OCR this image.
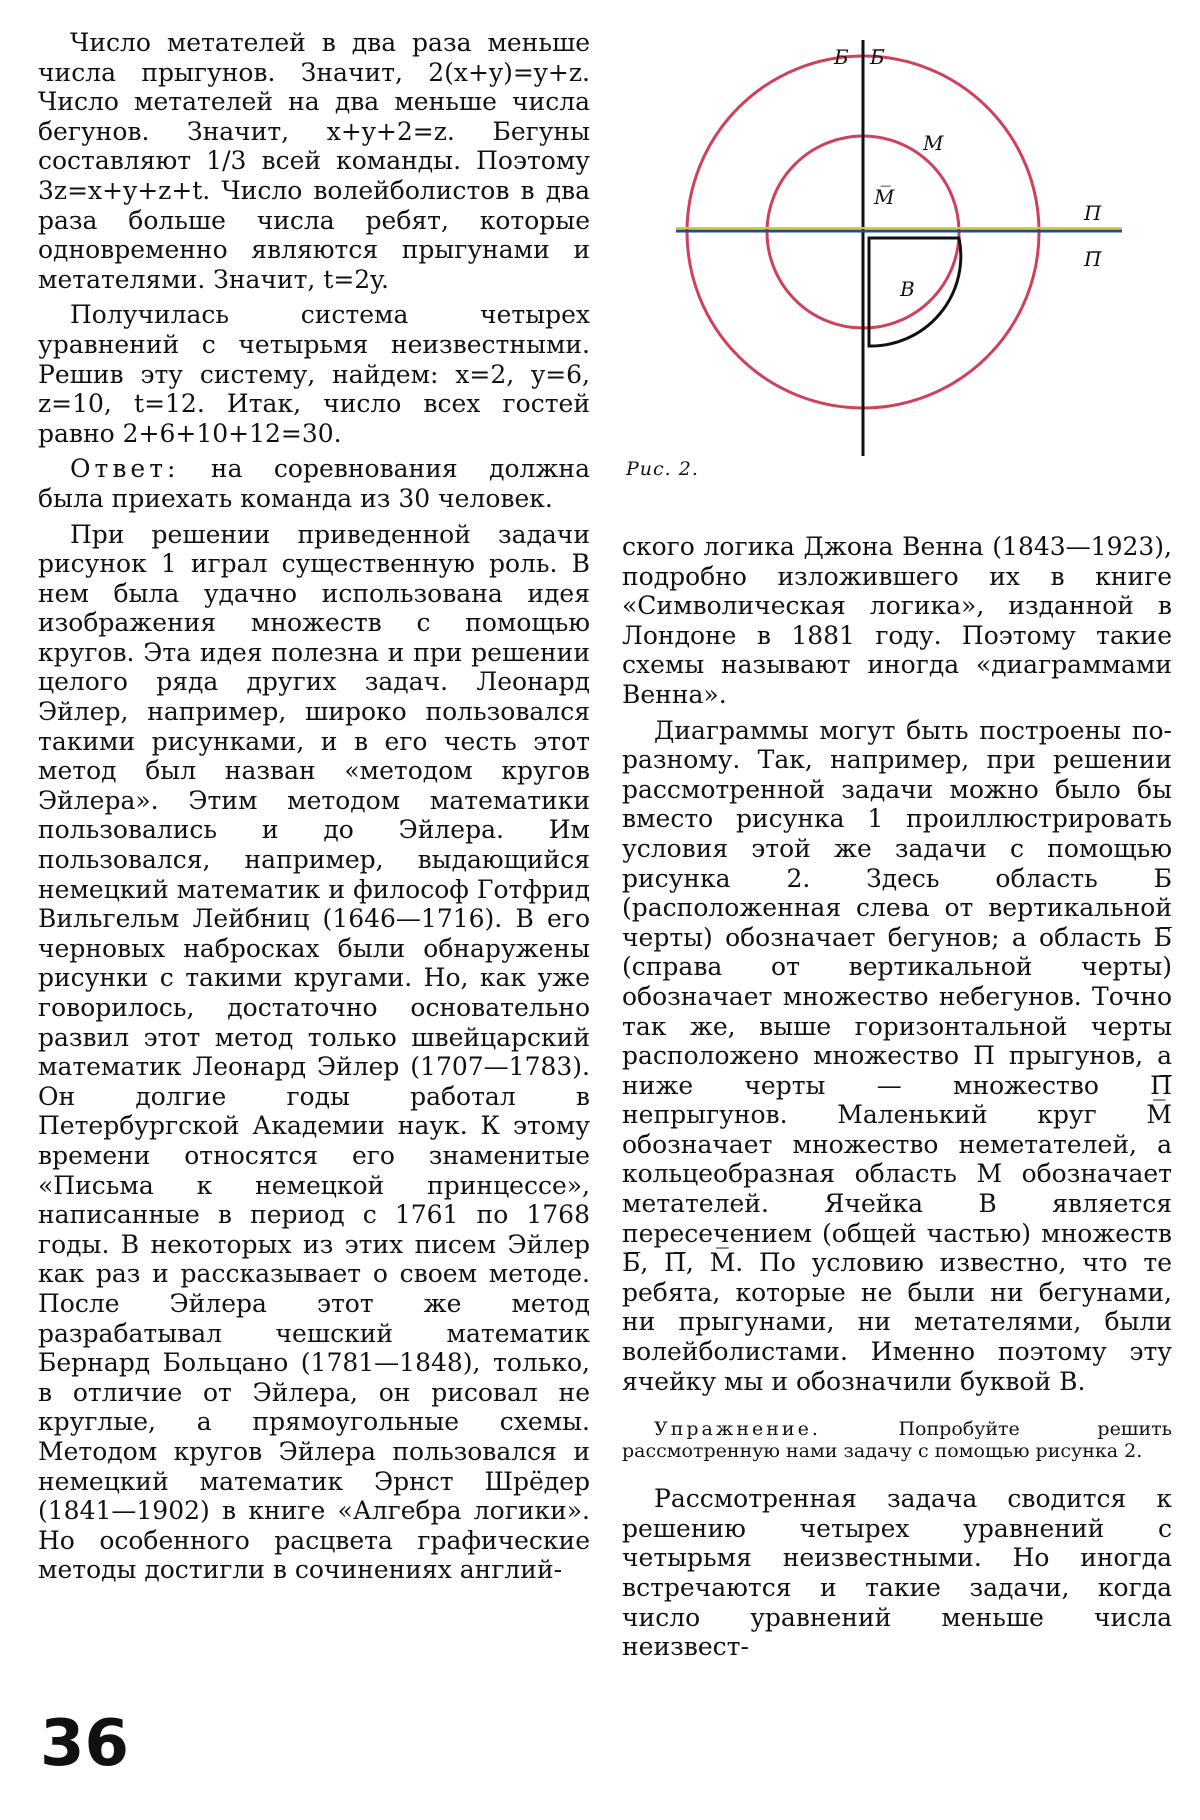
Число метателей в два раза меньше числа прыгунов. Значит, 2(x+y)=y+z. Число метателей на два меньше числа бегунов. Значит, x+y+2=z. Бегуны составляют 1/3 всей команды. Поэтому 3z=x+y+z+t. Число волейболистов в два раза больше числа ребят, которые одновременно являются прыгунами и метателями. Значит, t=2y.

Получилась система четырех уравнений с четырьмя неизвестными. Решив эту систему, найдем: x=2, y=6, z=10, t=12. Итак, число всех гостей равно 2+6+10+12=30.

Ответ: на соревнования должна была приехать команда из 30 человек.

При решении приведенной задачи рисунок 1 играл существенную роль. В нем была удачно использована идея изображения множеств с помощью кругов. Эта идея полезна и при решении целого ряда других задач. Леонард Эйлер, например, широко пользовался такими рисунками, и в его честь этот метод был назван «методом кругов Эйлера». Этим методом математики пользовались и до Эйлера. Им пользовался, например, выдающийся немецкий математик и философ Готфрид Вильгельм Лейбниц (1646—1716). В его черновых набросках были обнаружены рисунки с такими кругами. Но, как уже говорилось, достаточно основательно развил этот метод только швейцарский математик Леонард Эйлер (1707—1783). Он долгие годы работал в Петербургской Академии наук. К этому времени относятся его знаменитые «Письма к немецкой принцессе», написанные в период с 1761 по 1768 годы. В некоторых из этих писем Эйлер как раз и рассказывает о своем методе. После Эйлера этот же метод разрабатывал чешский математик Бернард Больцано (1781—1848), только, в отличие от Эйлера, он рисовал не круглые, а прямоугольные схемы. Методом кругов Эйлера пользовался и немецкий математик Эрнст Шрёдер (1841—1902) в книге «Алгебра логики». Но особенного расцвета графические методы достигли в сочинениях англий-

Б Б̅
M
M̅
П
П̅
В
Рис. 2.

ского логика Джона Венна (1843—1923), подробно изложившего их в книге «Символическая логика», изданной в Лондоне в 1881 году. Поэтому такие схемы называют иногда «диаграммами Венна».

Диаграммы могут быть построены по-разному. Так, например, при решении рассмотренной задачи можно было бы вместо рисунка 1 проиллюстрировать условия этой же задачи с помощью рисунка 2. Здесь область Б (расположенная слева от вертикальной черты) обозначает бегунов; а область Б̅ (справа от вертикальной черты) обозначает множество небегунов. Точно так же, выше горизонтальной черты расположено множество П прыгунов, а ниже черты — множество П̅ непрыгунов. Маленький круг M̅ обозначает множество неметателей, а кольцеобразная область M обозначает метателей. Ячейка В является пересечением (общей частью) множеств Б̅, П̅, M̅. По условию известно, что те ребята, которые не были ни бегунами, ни прыгунами, ни метателями, были волейболистами. Именно поэтому эту ячейку мы и обозначили буквой В.

Упражнение. Попробуйте решить рассмотренную нами задачу с помощью рисунка 2.

Рассмотренная задача сводится к решению четырех уравнений с четырьмя неизвестными. Но иногда встречаются и такие задачи, когда число уравнений меньше числа неизвест-

36
